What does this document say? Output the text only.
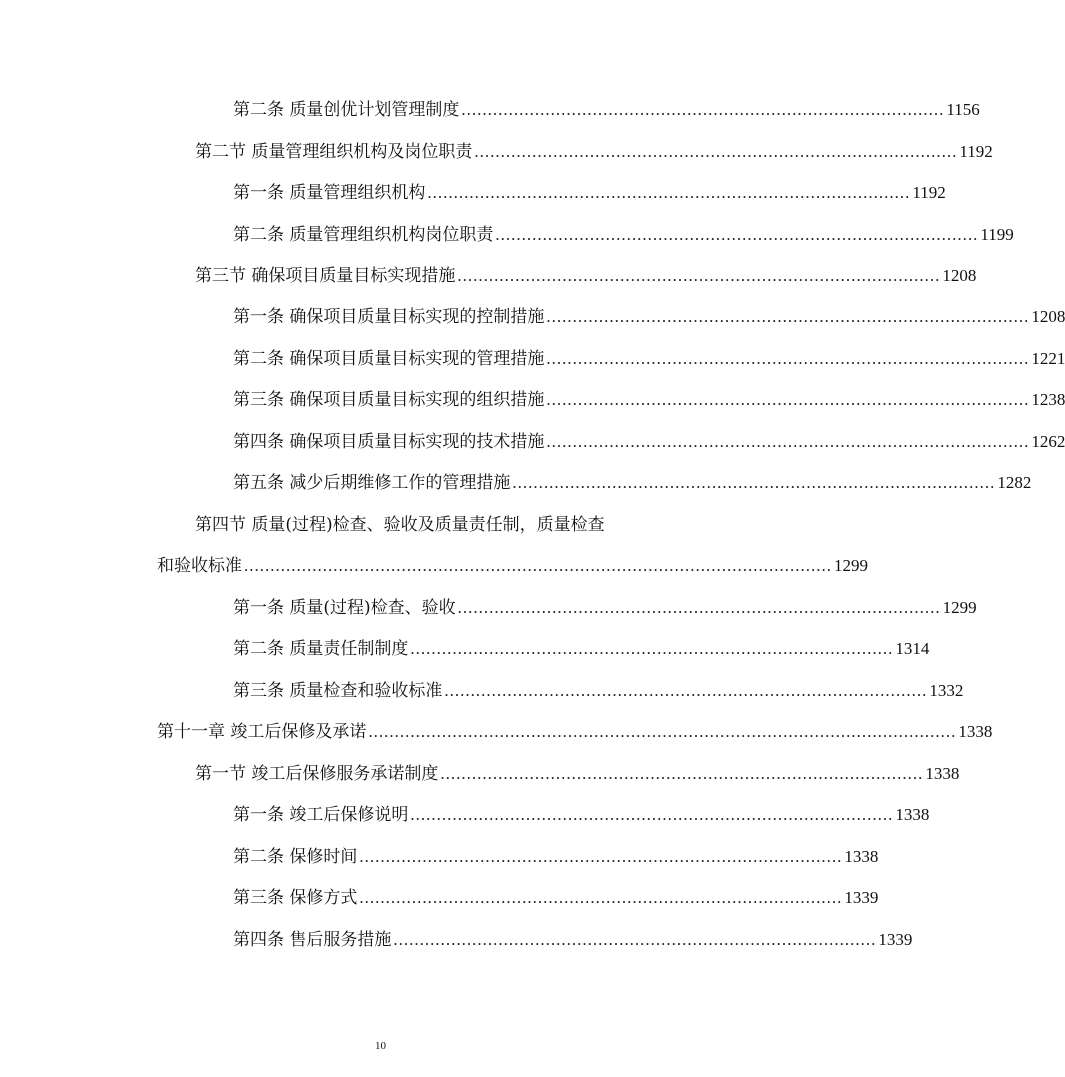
第二条 质量创优计划管理制度 ............................................................................................ 1156
第二节 质量管理组织机构及岗位职责 ............................................................................................ 1192
第一条 质量管理组织机构 ............................................................................................ 1192
第二条 质量管理组织机构岗位职责 ............................................................................................ 1199
第三节 确保项目质量目标实现措施 ............................................................................................ 1208
第一条 确保项目质量目标实现的控制措施 ............................................................................................ 1208
第二条 确保项目质量目标实现的管理措施 ............................................................................................ 1221
第三条 确保项目质量目标实现的组织措施 ............................................................................................ 1238
第四条 确保项目质量目标实现的技术措施 ............................................................................................ 1262
第五条 减少后期维修工作的管理措施 ............................................................................................ 1282
第四节 质量(过程)检查、验收及质量责任制，质量检查
和验收标准 ................................................................................................................ 1299
第一条 质量(过程)检查、验收 ............................................................................................ 1299
第二条 质量责任制制度 ............................................................................................ 1314
第三条 质量检查和验收标准 ............................................................................................ 1332
第十一章 竣工后保修及承诺 ................................................................................................................ 1338
第一节 竣工后保修服务承诺制度 ............................................................................................ 1338
第一条 竣工后保修说明 ............................................................................................ 1338
第二条 保修时间 ............................................................................................ 1338
第三条 保修方式 ............................................................................................ 1339
第四条 售后服务措施 ............................................................................................ 1339
10
